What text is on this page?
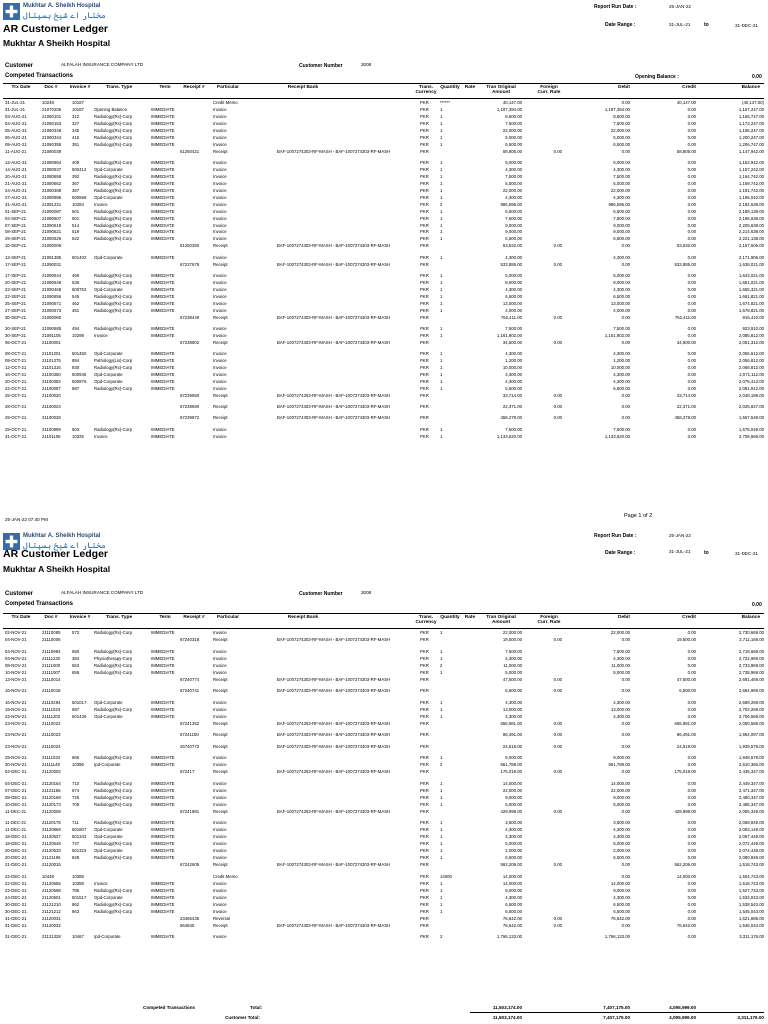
Mukhtar A. Sheikh Hospital
مختار اے شیخ ہسپتال
Report Run Date :	25-JAN-22
AR Customer Ledger	Date Range :	31-JUL-21	to	31-DEC-21
Mukhtar A Sheikh Hospital
Customer	ALFALAH INSURANCE COMPANY LTD	Customer Number	3008
Competed Transactions	Opening Balance :	0.00
Trx Date	Doc #	Invoice #	Trans. Type	Term	Receipt #	Particular	Receipt Bank	Trans. Currency
Quantity	Rate	Tran Original Amount
Foreign Curr. Rate
Debit	Credit	Balance
31-JUL-21	10248	10187	Credit Memo	PKR	******	40,147.00	0.00	40,147.00	(40,147.00)
31-JUL-21	21070206	10187	Opening Balance	IMMEDIATE	Invoice	PKR	1	1,197,394.00	1,197,394.00	0.00	1,157,247.00
03-AUG-21	21080101	312	Radiology(Rx)-Corp	IMMEDIATE	Invoice	PKR	1	8,500.00	8,500.00	0.00	1,165,747.00
04-AUG-21	21080153	327	Radiology(Rx)-Corp	IMMEDIATE	Invoice	PKR	1	7,500.00	7,500.00	0.00	1,173,247.00
05-AUG-21	21080348	345	Radiology(Rx)-Corp	IMMEDIATE	Invoice	PKR	1	22,000.00	22,000.00	0.00	1,195,247.00
06-AUG-21	21080344	415	Radiology(Rx)-Corp	IMMEDIATE	Invoice	PKR	1	5,000.00	5,000.00	0.00	1,200,247.00
09-AUG-21	21080355	351	Radiology(Rx)-Corp	IMMEDIATE	Invoice	PKR	1	6,500.00	6,500.00	0.00	1,206,747.00
11-AUG-21	21080039	61250421	Receipt	BAF-1007274303-RF-MASH - BAF-1007274303-RF-MASH	PKR	58,805.00	0.00	0.00	58,805.00	1,147,942.00
12-AUG-21	21080954	409	Radiology(Rx)-Corp	IMMEDIATE	Invoice	PKR	1	5,000.00	5,000.00	0.00	1,152,942.00
14-AUG-21	21080537	500412	Opd-Corporate	IMMEDIATE	Invoice	PKR	1	4,300.00	4,300.00	0.00	1,157,242.00
20-AUG-21	21080658	392	Radiology(Rx)-Corp	IMMEDIATE	Invoice	PKR	1	7,500.00	7,500.00	0.00	1,164,742.00
21-AUG-21	21080662	367	Radiology(Rx)-Corp	IMMEDIATE	Invoice	PKR	1	5,000.00	5,000.00	0.00	1,169,742.00
24-AUG-21	21080368	367	Radiology(Rx)-Corp	IMMEDIATE	Invoice	PKR	1	22,000.00	22,000.00	0.00	1,191,742.00
27-AUG-21	21080886	500558	Opd-Corporate	IMMEDIATE	Invoice	PKR	1	4,300.00	4,300.00	0.00	1,196,042.00
31-AUG-21	21081221	10284	Invoice	IMMEDIATE	Invoice	PKR	2	986,596.00	986,596.00	0.00	2,182,638.00
01-SEP-21	21090087	501	Radiology(Rx)-Corp	IMMEDIATE	Invoice	PKR	1	6,500.00	6,500.00	0.00	2,189,138.00
04-SEP-21	21090607	501	Radiology(Rx)-Corp	IMMEDIATE	Invoice	PKR	1	7,500.00	7,500.00	0.00	2,196,638.00
07-SEP-21	21090619	514	Radiology(Rx)-Corp	IMMEDIATE	Invoice	PKR	1	9,000.00	9,000.00	0.00	2,205,638.00
08-SEP-21	21090621	519	Radiology(Rx)-Corp	IMMEDIATE	Invoice	PKR	1	9,000.00	9,000.00	0.00	2,214,638.00
29-SEP-21	21090626	522	Radiology(Rx)-Corp	IMMEDIATE	Invoice	PKR	1	6,500.00	6,500.00	0.00	2,221,138.00
10-SEP-21	21090005	61250250	Receipt	BAF-1007274303-RF-MASH - BAF-1007274303-RF-MASH	PKR	53,532.00	0.00	0.00	53,532.00	2,167,606.00
13-SEP-21	21091385	501402	Opd-Corporate	IMMEDIATE	Invoice	PKR	1	4,300.00	4,300.00	0.00	2,171,906.00
17-SEP-21	21090031	67237679	Receipt	BAF-1007274303-RF-MASH - BAF-1007274303-RF-MASH	PKR	533,885.00	0.00	0.00	533,885.00	1,638,021.00
17-SEP-21	21090644	469	Radiology(Rx)-Corp	IMMEDIATE	Invoice	PKR	1	5,000.00	5,000.00	0.00	1,643,021.00
20-SEP-21	21090649	536	Radiology(Rx)-Corp	IMMEDIATE	Invoice	PKR	1	8,000.00	8,000.00	0.00	1,651,021.00
22-SEP-21	21090468	500753	Opd-Corporate	IMMEDIATE	Invoice	PKR	1	4,300.00	4,300.00	0.00	1,655,321.00
22-SEP-21	21090656	545	Radiology(Rx)-Corp	IMMEDIATE	Invoice	PKR	1	6,500.00	6,500.00	0.00	1,661,821.00
25-SEP-21	21090671	462	Radiology(Rx)-Corp	IMMEDIATE	Invoice	PKR	1	13,000.00	13,000.00	0.00	1,674,821.00
27-SEP-21	21090673	481	Radiology(Rx)-Corp	IMMEDIATE	Invoice	PKR	1	4,000.00	4,000.00	0.00	1,678,821.00
30-SEP-21	21090060	67238449	Receipt	BAF-1007274303-RF-MASH - BAF-1007274303-RF-MASH	PKR	762,411.00	0.00	0.00	762,411.00	916,410.00
30-SEP-21	21090685	494	Radiology(Rx)-Corp	IMMEDIATE	Invoice	PKR	1	7,500.00	7,500.00	0.00	923,910.00
30-SEP-21	21091105	10299	Invoice	IMMEDIATE	Invoice	PKR	1	1,161,902.00	1,161,902.00	0.00	2,085,812.00
06-OCT-21	21100001	67238802	Receipt	BAF-1007274303-RF-MASH - BAF-1007274303-RF-MASH	PKR	34,500.00	0.00	0.00	34,500.00	2,051,312.00
08-OCT-21	21101201	501450	Opd-Corporate	IMMEDIATE	Invoice	PKR	1	4,300.00	4,300.00	0.00	2,055,612.00
09-OCT-21	21101375	894	Pathology(Lis)-Corp	IMMEDIATE	Invoice	PKR	1	1,200.00	1,200.00	0.00	2,056,812.00
12-OCT-21	21101316	830	Radiology(Rx)-Corp	IMMEDIATE	Invoice	PKR	1	10,000.00	10,000.00	0.00	2,066,812.00
16-OCT-21	21100350	500946	Opd-Corporate	IMMEDIATE	Invoice	PKR	1	4,300.00	4,300.00	0.00	2,071,112.00
20-OCT-21	21100382	500976	Opd-Corporate	IMMEDIATE	Invoice	PKR	1	4,300.00	4,300.00	0.00	2,075,412.00
22-OCT-21	21100087	587	Radiology(Rx)-Corp	IMMEDIATE	Invoice	PKR	1	6,500.00	6,500.00	0.00	2,081,912.00
25-OCT-21	21100020	67239550	Receipt	BAF-1007274303-RF-MASH - BAF-1007274303-RF-MASH	PKR	33,714.00	0.00	0.00	33,714.00	2,048,198.00
28-OCT-21	21100024	67239690	Receipt	BAF-1007274303-RF-MASH - BAF-1007274303-RF-MASH	PKR	22,371.00	0.00	0.00	22,371.00	2,025,827.00
29-OCT-21	21100028	67239972	Receipt	BAF-1007274303-RF-MASH - BAF-1007274303-RF-MASH	PKR	458,278.00	0.00	0.00	458,278.00	1,567,549.00
29-OCT-21	21100999	603	Radiology(Rx)-Corp	IMMEDIATE	Invoice	PKR	1	7,500.00	7,500.00	0.00	1,575,049.00
31-OCT-21	21101106	10325	Invoice	IMMEDIATE	Invoice	PKR	1	1,133,620.00	1,133,620.00	0.00	2,708,669.00
Page 1 of 2
25-JAN-22 07:40 PM
Mukhtar A. Sheikh Hospital
مختار اے شیخ ہسپتال
Report Run Date :	25-JAN-22
AR Customer Ledger	Date Range :	31-JUL-21	to	31-DEC-21
Mukhtar A Sheikh Hospital
Customer	ALFALAH INSURANCE COMPANY LTD	Customer Number	3008
Competed Transactions	0.00
Trx Date	Doc #	Invoice #	Trans. Type	Term	Receipt #	Particular	Receipt Bank	Trans. Currency
Quantity	Rate	Tran Original Amount
Foreign Curr. Rate
Debit	Credit	Balance
02-NOV-21	21110085	572	Radiology(Rx)-Corp	IMMEDIATE	Invoice	PKR	1	22,000.00	22,000.00	0.00	2,730,669.00
04-NOV-21	21110006	67240318	Receipt	BAF-1007274303-RF-MASH - BAF-1007274303-RF-MASH	PKR	19,500.00	0.00	0.00	19,500.00	2,711,169.00
04-NOV-21	21110994	650	Radiology(Rx)-Corp	IMMEDIATE	Invoice	PKR	1	7,500.00	7,500.00	0.00	2,718,669.00
04-NOV-21	21111240	384	Physiotherapy-Corp	IMMEDIATE	Invoice	PKR	1	4,300.00	4,300.00	0.00	2,722,969.00
08-NOV-21	21111000	653	Radiology(Rx)-Corp	IMMEDIATE	Invoice	PKR	2	11,000.00	11,000.00	0.00	2,733,969.00
10-NOV-21	21111007	659	Radiology(Rx)-Corp	IMMEDIATE	Invoice	PKR	1	5,000.00	5,000.00	0.00	2,738,969.00
13-NOV-21	21110014	67240774	Receipt	BAF-1007274303-RF-MASH - BAF-1007274303-RF-MASH	PKR	47,500.00	0.00	0.00	47,500.00	2,691,469.00
16-NOV-21	21110018	67240741	Receipt	BAF-1007274303-RF-MASH - BAF-1007274303-RF-MASH	PKR	6,500.00	0.00	0.00	6,500.00	2,684,969.00
16-NOV-21	21110294	501017	Opd-Corporate	IMMEDIATE	Invoice	PKR	1	4,300.00	4,300.00	0.00	2,689,269.00
19-NOV-21	21111023	687	Radiology(Rx)-Corp	IMMEDIATE	Invoice	PKR	1	13,000.00	13,000.00	0.00	2,702,269.00
22-NOV-21	21111203	501436	Opd-Corporate	IMMEDIATE	Invoice	PKR	1	4,300.00	4,300.00	0.00	2,706,569.00
23-NOV-21	21110022	67241252	Receipt	BAF-1007274303-RF-MASH - BAF-1007274303-RF-MASH	PKR	655,981.00	0.00	0.00	655,981.00	2,050,588.00
23-NOV-21	21110023	67241150	Receipt	BAF-1007274303-RF-MASH - BAF-1007274303-RF-MASH	PKR	86,491.00	0.00	0.00	86,491.00	1,964,097.00
23-NOV-21	21110024	26740773	Receipt	BAF-1007274303-RF-MASH - BAF-1007274303-RF-MASH	PKR	24,519.00	0.00	0.00	24,519.00	1,939,578.00
29-NOV-21	21111034	666	Radiology(Rx)-Corp	IMMEDIATE	Invoice	PKR	1	9,000.00	9,000.00	0.00	1,948,578.00
30-NOV-21	21111149	10396	Ipd-Corporate	IMMEDIATE	Invoice	PKR	2	661,788.00	661,788.00	0.00	2,610,366.00
04-DEC-21	21120002	672417	Receipt	BAF-1007274303-RF-MASH - BAF-1007274303-RF-MASH	PKR	175,019.00	0.00	0.00	175,019.00	2,435,347.00
04-DEC-21	21120164	710	Radiology(Rx)-Corp	IMMEDIATE	Invoice	PKR	1	14,000.00	14,000.00	0.00	2,449,347.00
07-DEC-21	21121166	674	Radiology(Rx)-Corp	IMMEDIATE	Invoice	PKR	1	22,000.00	22,000.00	0.00	2,471,347.00
08-DEC-21	21120168	726	Radiology(Rx)-Corp	IMMEDIATE	Invoice	PKR	1	9,000.00	9,000.00	0.00	2,480,347.00
10-DEC-21	21120173	705	Radiology(Rx)-Corp	IMMEDIATE	Invoice	PKR	1	5,000.00	5,000.00	0.00	2,485,347.00
11-DEC-21	21120008	67241981	Receipt	BAF-1007274303-RF-MASH - BAF-1007274303-RF-MASH	PKR	429,998.00	0.00	0.00	429,998.00	2,055,349.00
11-DEC-21	21120176	711	Radiology(Rx)-Corp	IMMEDIATE	Invoice	PKR	1	3,500.00	3,500.00	0.00	2,058,849.00
11-DEC-21	21120869	501807	Opd-Corporate	IMMEDIATE	Invoice	PKR	1	4,300.00	4,300.00	0.00	2,063,149.00
18-DEC-21	21120527	501343	Opd-Corporate	IMMEDIATE	Invoice	PKR	1	4,300.00	4,300.00	0.00	2,067,449.00
18-DEC-21	21120548	747	Radiology(Rx)-Corp	IMMEDIATE	Invoice	PKR	1	5,000.00	5,000.00	0.00	2,072,449.00
20-DEC-21	21120533	501323	Opd-Corporate	IMMEDIATE	Invoice	PKR	1	2,000.00	2,000.00	0.00	2,074,449.00
20-DEC-21	21121196	848	Radiology(Rx)-Corp	IMMEDIATE	Invoice	PKR	1	6,500.00	6,500.00	0.00	2,080,949.00
21-DEC-21	21120015	67242605	Receipt	BAF-1007274303-RF-MASH - BAF-1007274303-RF-MASH	PKR	562,206.00	0.00	0.00	562,206.00	1,518,743.00
22-DEC-21	10448	10388	Credit Memo	PKR	14000	14,000.00	0.00	14,000.00	1,504,743.00
22-DEC-21	21120655	10388	Invoice	IMMEDIATE	Invoice	PKR	1	14,000.00	14,000.00	0.00	1,518,743.00
22-DEC-21	21120698	785	Radiology(Rx)-Corp	IMMEDIATE	Invoice	PKR	1	9,000.00	9,000.00	0.00	1,527,743.00
24-DEC-21	21120601	501517	Opd-Corporate	IMMEDIATE	Invoice	PKR	1	4,300.00	4,300.00	0.00	1,532,043.00
30-DEC-21	21121210	862	Radiology(Rx)-Corp	IMMEDIATE	Invoice	PKR	1	6,500.00	6,500.00	0.00	1,538,543.00
30-DEC-21	21121212	863	Radiology(Rx)-Corp	IMMEDIATE	Invoice	PKR	1	6,500.00	6,500.00	0.00	1,545,043.00
31-DEC-21	21120031	23465435	Reversal	PKR	76,642.00	0.00	76,642.00	0.00	1,621,685.00
31-DEC-21	21120032	564845	Receipt	BAF-1007274303-RF-MASH - BAF-1007274303-RF-MASH	PKR	76,642.00	0.00	0.00	76,642.00	1,545,043.00
31-DEC-21	21121328	10467	Ipd-Corporate	IMMEDIATE	Invoice	PKR	2	1,766,133.00	1,766,133.00	0.00	3,311,176.00
Competed Transactions	Total:	11,503,174.00	7,407,175.00	4,095,999.00
Customer Total:	11,503,174.00	7,407,175.00	4,095,999.00	3,311,176.00
